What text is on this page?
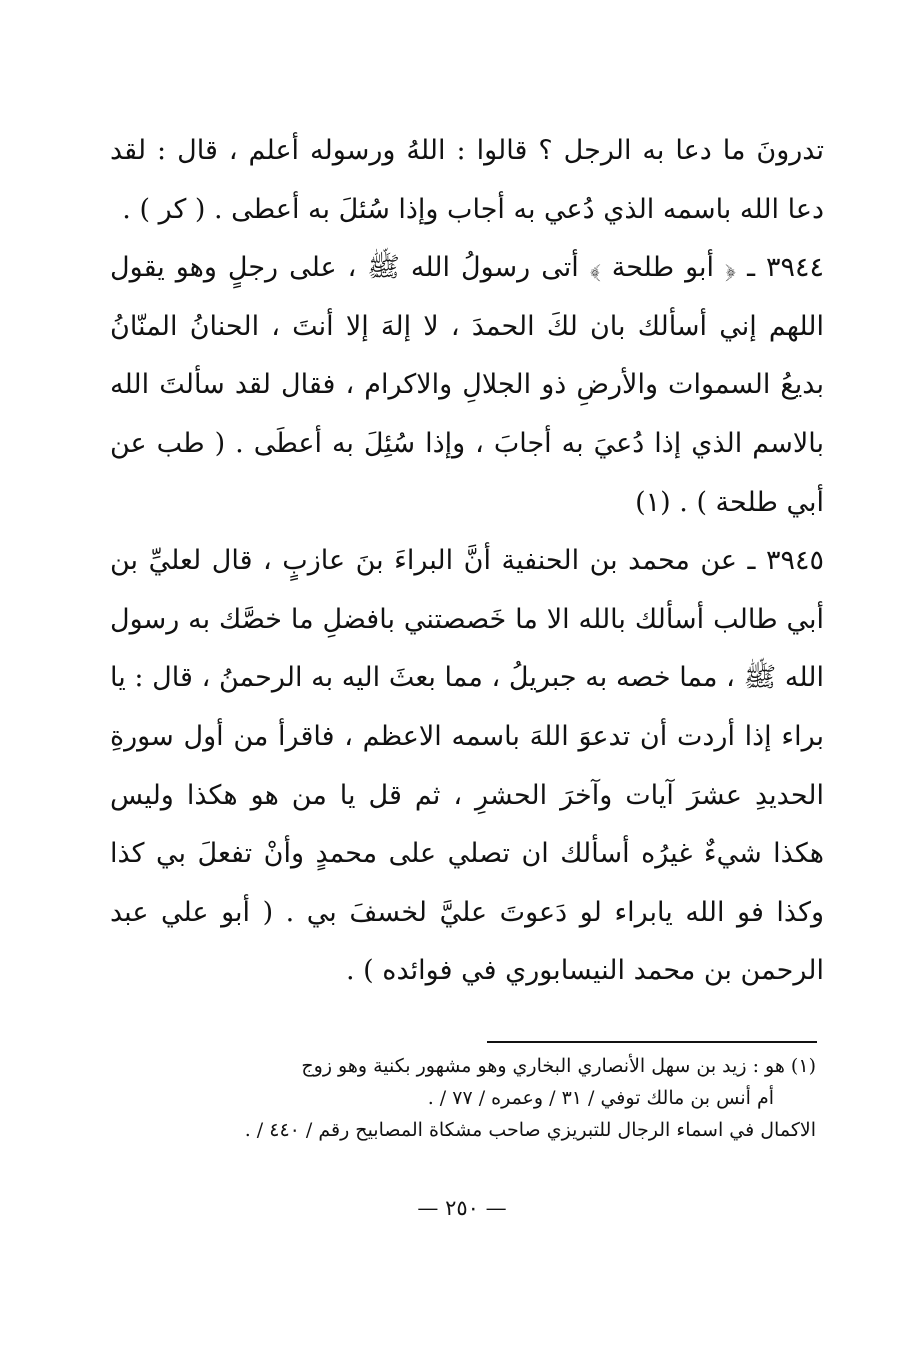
تدرونَ ما دعا به الرجل ؟ قالوا : اللهُ ورسوله أعلم ، قال : لقد دعا الله باسمه الذي دُعي به أجاب وإذا سُئلَ به أعطى . ( كر ) .

٣٩٤٤ ـ ﴿ أبو طلحة ﴾ أتى رسولُ الله ﷺ ، على رجلٍ وهو يقول اللهم إني أسألك بان لكَ الحمدَ ، لا إلهَ إلا أنتَ ، الحنانُ المنّانُ بديعُ السموات والأرضِ ذو الجلالِ والاكرام ، فقال لقد سألتَ الله بالاسم الذي إذا دُعيَ به أجابَ ، وإذا سُئِلَ به أعطَى . ( طب عن أبي طلحة ) . (١)

٣٩٤٥ ـ عن محمد بن الحنفية أنَّ البراءَ بنَ عازبٍ ، قال لعليِّ بن أبي طالب أسألك بالله الا ما خَصصتني بافضلِ ما خصَّك به رسول الله ﷺ ، مما خصه به جبريلُ ، مما بعثَ اليه به الرحمنُ ، قال : يا براء إذا أردت أن تدعوَ اللهَ باسمه الاعظم ، فاقرأ من أول سورةِ الحديدِ عشرَ آيات وآخرَ الحشرِ ، ثم قل يا من هو هكذا وليس هكذا شيءٌ غيرُه أسألك ان تصلي على محمدٍ وأنْ تفعلَ بي كذا وكذا فو الله يابراء لو دَعوتَ عليَّ لخسفَ بي . ( أبو علي عبد الرحمن بن محمد النيسابوري في فوائده ) .

(١) هو : زيد بن سهل الأنصاري البخاري وهو مشهور بكنية وهو زوج

أم أنس بن مالك توفي / ٣١ / وعمره / ٧٧ / .

الاكمال في اسماء الرجال للتبريزي صاحب مشكاة المصابيح رقم / ٤٤٠ / .

— ٢٥٠ —
